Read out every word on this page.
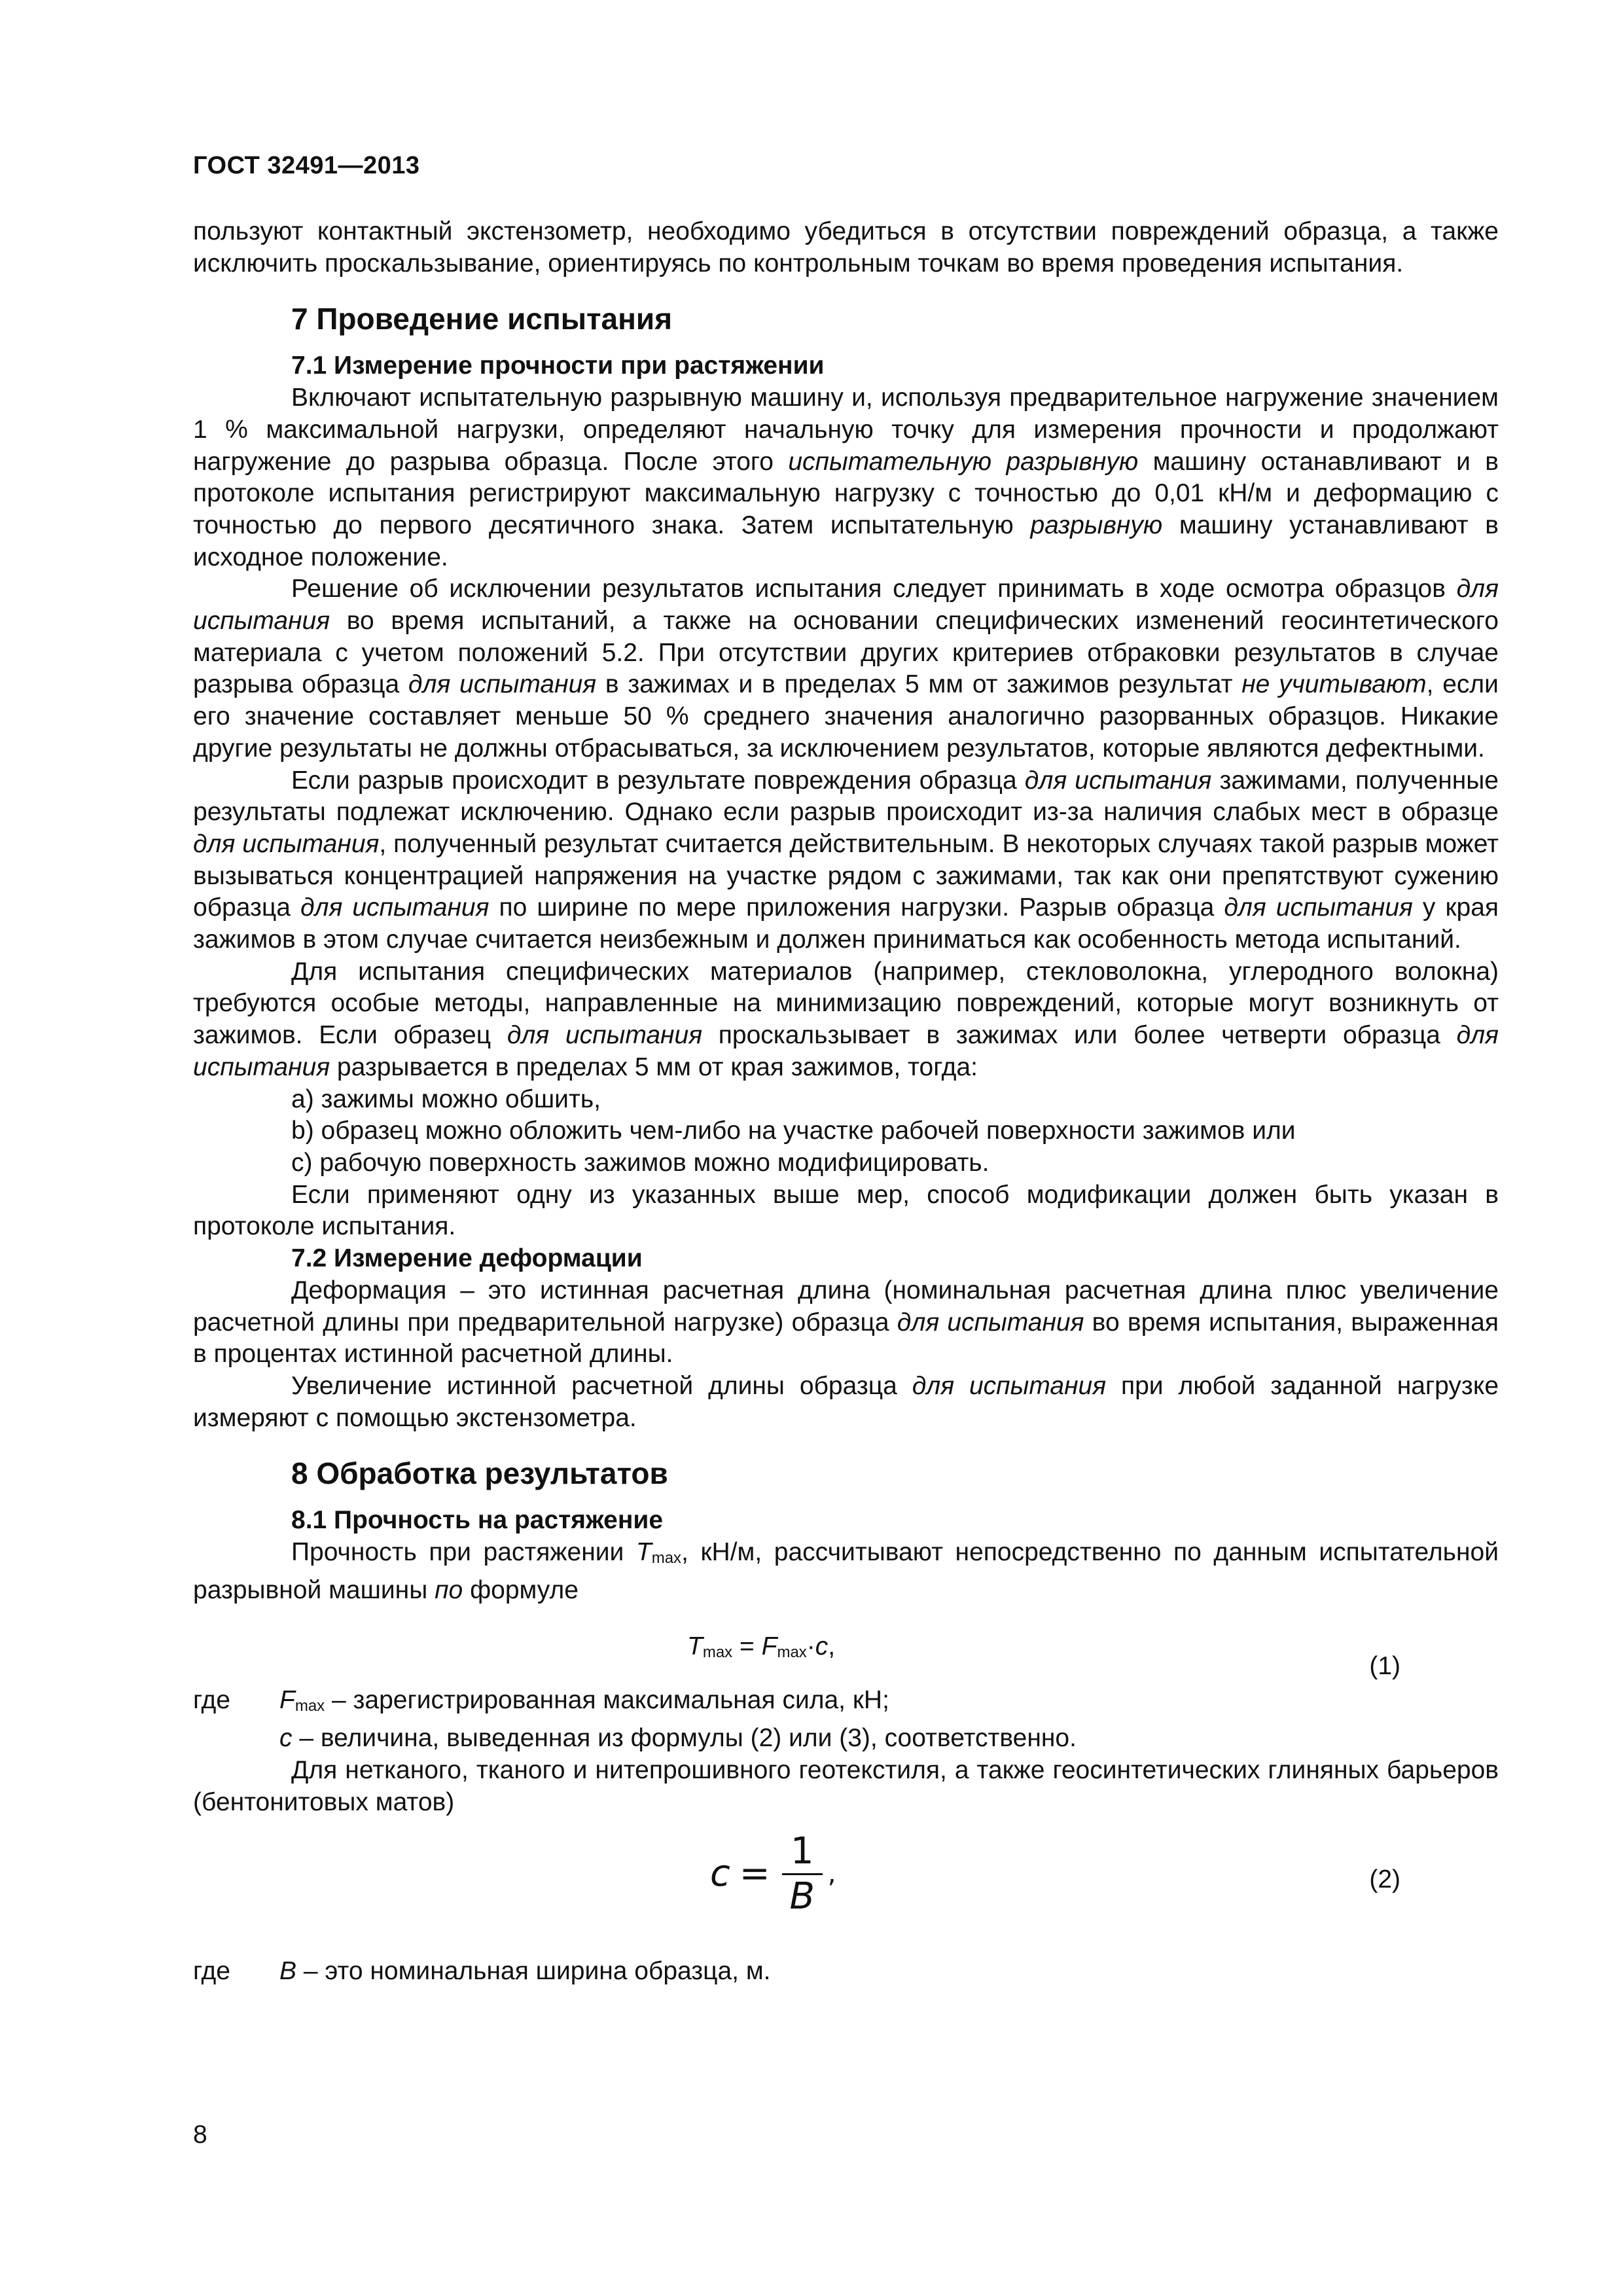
ГОСТ 32491—2013

пользуют контактный экстензометр, необходимо убедиться в отсутствии повреждений образца, а также исключить проскальзывание, ориентируясь по контрольным точкам во время проведения испытания.

7 Проведение испытания
7.1 Измерение прочности при растяжении

Включают испытательную разрывную машину и, используя предварительное нагружение значением 1 % максимальной нагрузки, определяют начальную точку для измерения прочности и продолжают нагружение до разрыва образца. После этого испытательную разрывную машину останавливают и в протоколе испытания регистрируют максимальную нагрузку с точностью до 0,01 кН/м и деформацию с точностью до первого десятичного знака. Затем испытательную разрывную машину устанавливают в исходное положение.

Решение об исключении результатов испытания следует принимать в ходе осмотра образцов для испытания во время испытаний, а также на основании специфических изменений геосинтетического материала с учетом положений 5.2. При отсутствии других критериев отбраковки результатов в случае разрыва образца для испытания в зажимах и в пределах 5 мм от зажимов результат не учитывают, если его значение составляет меньше 50 % среднего значения аналогично разорванных образцов. Никакие другие результаты не должны отбрасываться, за исключением результатов, которые являются дефектными.

Если разрыв происходит в результате повреждения образца для испытания зажимами, полученные результаты подлежат исключению. Однако если разрыв происходит из-за наличия слабых мест в образце для испытания, полученный результат считается действительным. В некоторых случаях такой разрыв может вызываться концентрацией напряжения на участке рядом с зажимами, так как они препятствуют сужению образца для испытания по ширине по мере приложения нагрузки. Разрыв образца для испытания у края зажимов в этом случае считается неизбежным и должен приниматься как особенность метода испытаний.

Для испытания специфических материалов (например, стекловолокна, углеродного волокна) требуются особые методы, направленные на минимизацию повреждений, которые могут возникнуть от зажимов. Если образец для испытания проскальзывает в зажимах или более четверти образца для испытания разрывается в пределах 5 мм от края зажимов, тогда:

a) зажимы можно обшить,

b) образец можно обложить чем-либо на участке рабочей поверхности зажимов или

c) рабочую поверхность зажимов можно модифицировать.

Если применяют одну из указанных выше мер, способ модификации должен быть указан в протоколе испытания.

7.2 Измерение деформации

Деформация – это истинная расчетная длина (номинальная расчетная длина плюс увеличение расчетной длины при предварительной нагрузке) образца для испытания во время испытания, выраженная в процентах истинной расчетной длины.

Увеличение истинной расчетной длины образца для испытания при любой заданной нагрузке измеряют с помощью экстензометра.

8 Обработка результатов
8.1 Прочность на растяжение

Прочность при растяжении $T_{max}$, кН/м, рассчитывают непосредственно по данным испытательной разрывной машины по формуле

$T_{max} = F_{max}\cdot c$,
(1)
где	$F_{max}$ – зарегистрированная максимальная сила, кН;

c – величина, выведенная из формулы (2) или (3), соответственно.

Для нетканого, тканого и нитепрошивного геотекстиля, а также геосинтетических глиняных барьеров (бентонитовых матов)

c =
1
B
,	(2)
где	B – это номинальная ширина образца, м.
8
